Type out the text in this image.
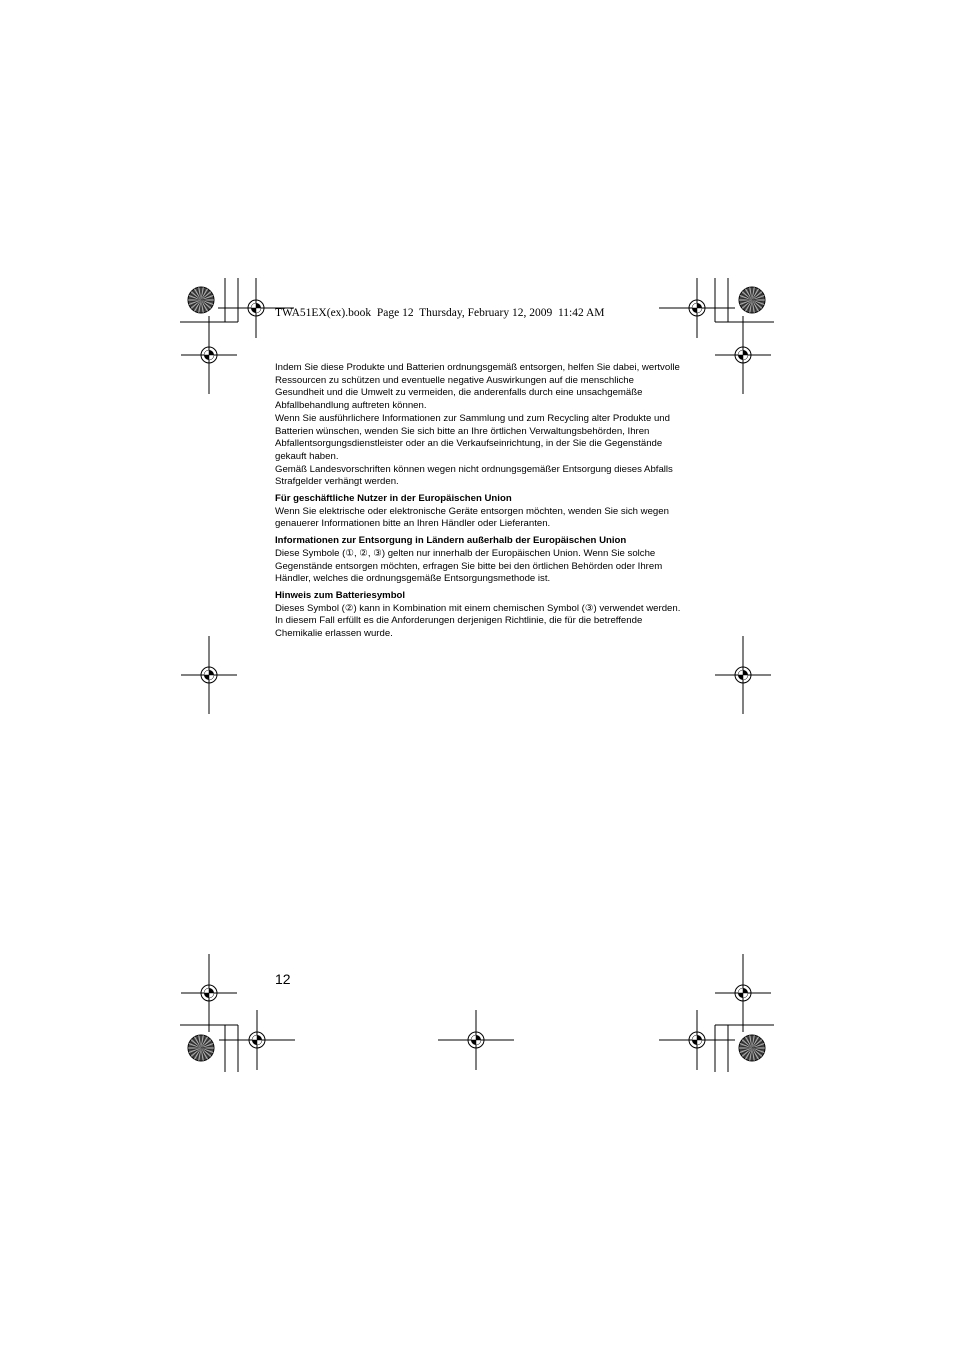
TWA51EX(ex).book  Page 12  Thursday, February 12, 2009  11:42 AM

Indem Sie diese Produkte und Batterien ordnungsgemäß entsorgen, helfen Sie dabei, wertvolle Ressourcen zu schützen und eventuelle negative Auswirkungen auf die menschliche Gesundheit und die Umwelt zu vermeiden, die anderenfalls durch eine unsachgemäße Abfallbehandlung auftreten können.

Wenn Sie ausführlichere Informationen zur Sammlung und zum Recycling alter Produkte und Batterien wünschen, wenden Sie sich bitte an Ihre örtlichen Verwaltungsbehörden, Ihren Abfallentsorgungsdienstleister oder an die Verkaufseinrichtung, in der Sie die Gegenstände gekauft haben.

Gemäß Landesvorschriften können wegen nicht ordnungsgemäßer Entsorgung dieses Abfalls Strafgelder verhängt werden.

Für geschäftliche Nutzer in der Europäischen Union

Wenn Sie elektrische oder elektronische Geräte entsorgen möchten, wenden Sie sich wegen genauerer Informationen bitte an Ihren Händler oder Lieferanten.

Informationen zur Entsorgung in Ländern außerhalb der Europäischen Union

Diese Symbole (①, ②, ③) gelten nur innerhalb der Europäischen Union. Wenn Sie solche Gegenstände entsorgen möchten, erfragen Sie bitte bei den örtlichen Behörden oder Ihrem Händler, welches die ordnungsgemäße Entsorgungsmethode ist.

Hinweis zum Batteriesymbol

Dieses Symbol (②) kann in Kombination mit einem chemischen Symbol (③) verwendet werden. In diesem Fall erfüllt es die Anforderungen derjenigen Richtlinie, die für die betreffende Chemikalie erlassen wurde.

12
